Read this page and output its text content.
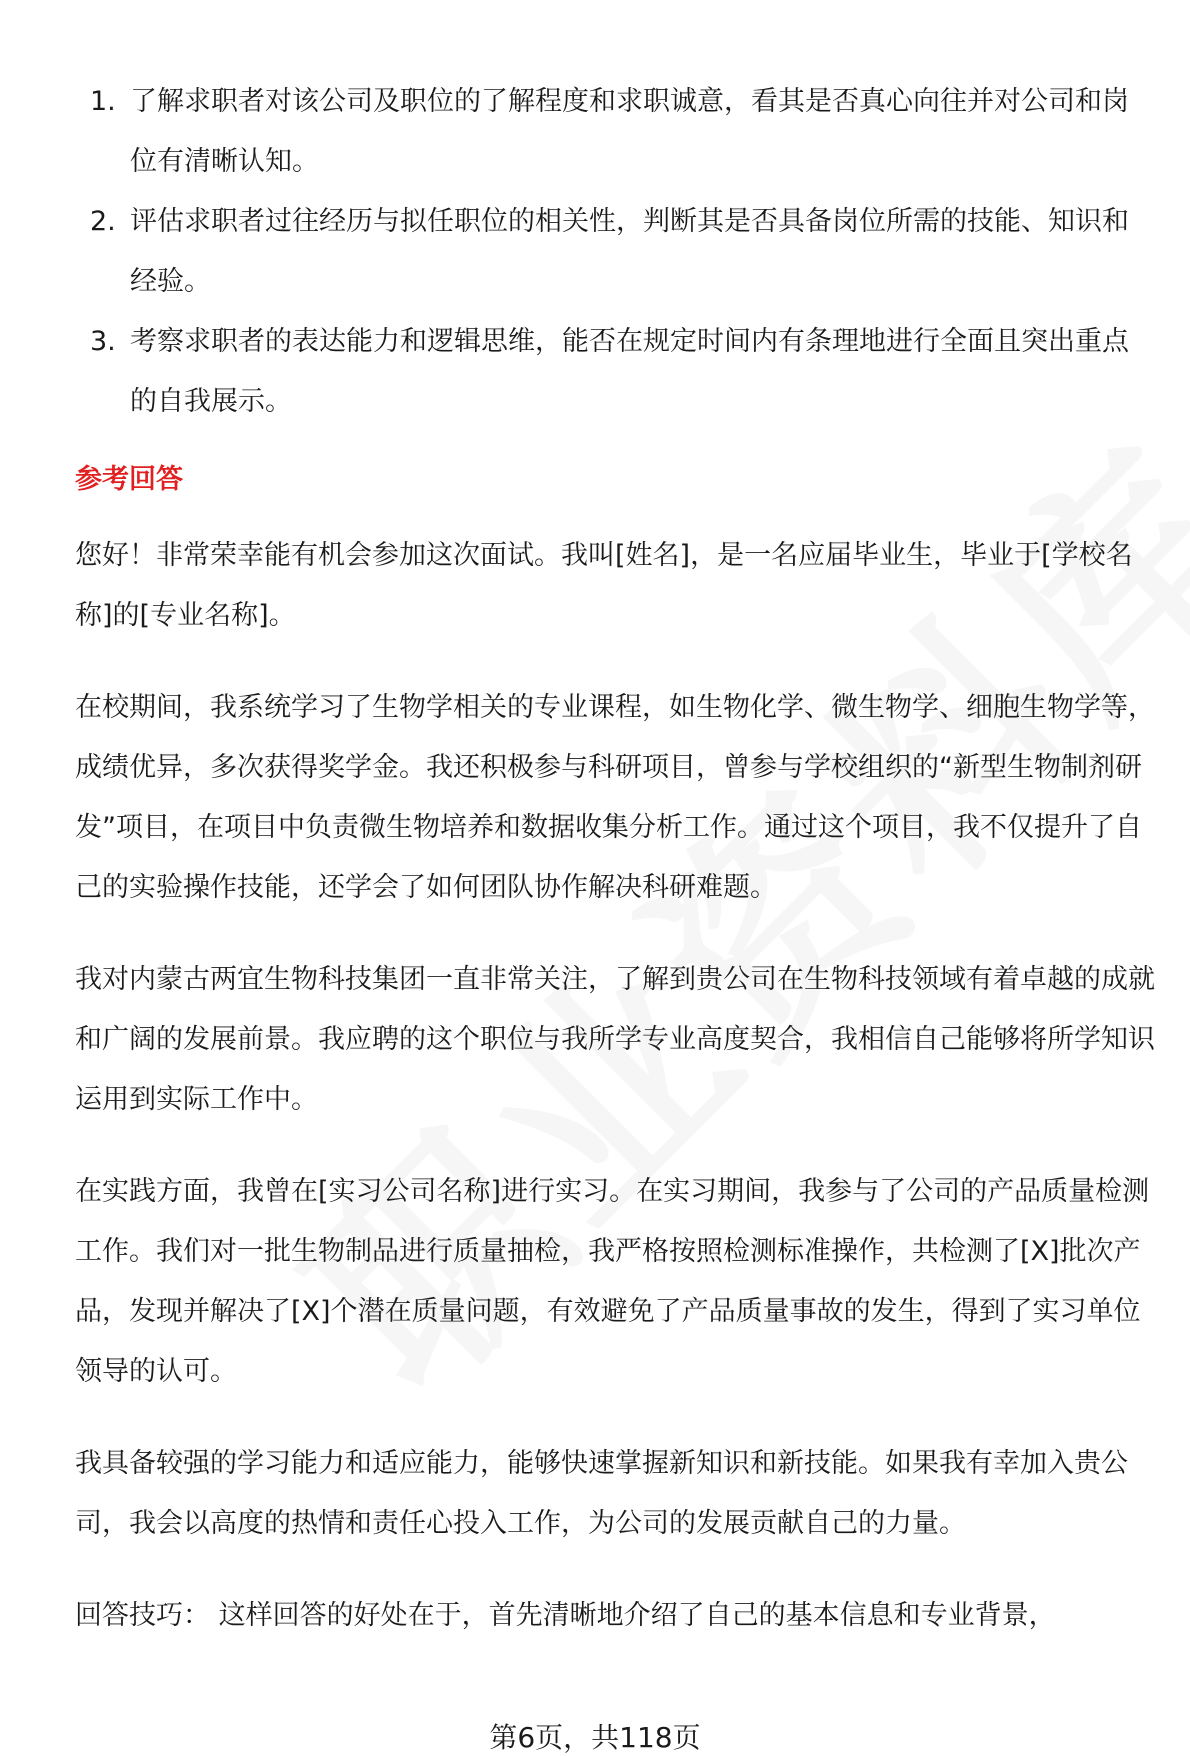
1. 了解求职者对该公司及职位的了解程度和求职诚意，看其是否真心向往并对公司和岗位有清晰认知。
2. 评估求职者过往经历与拟任职位的相关性，判断其是否具备岗位所需的技能、知识和经验。
3. 考察求职者的表达能力和逻辑思维，能否在规定时间内有条理地进行全面且突出重点的自我展示。
参考回答

您好！非常荣幸能有机会参加这次面试。我叫[姓名]，是一名应届毕业生，毕业于[学校名称]的[专业名称]。

在校期间，我系统学习了生物学相关的专业课程，如生物化学、微生物学、细胞生物学等，成绩优异，多次获得奖学金。我还积极参与科研项目，曾参与学校组织的“新型生物制剂研发”项目，在项目中负责微生物培养和数据收集分析工作。通过这个项目，我不仅提升了自己的实验操作技能，还学会了如何团队协作解决科研难题。

我对内蒙古两宜生物科技集团一直非常关注，了解到贵公司在生物科技领域有着卓越的成就和广阔的发展前景。我应聘的这个职位与我所学专业高度契合，我相信自己能够将所学知识运用到实际工作中。

在实践方面，我曾在[实习公司名称]进行实习。在实习期间，我参与了公司的产品质量检测工作。我们对一批生物制品进行质量抽检，我严格按照检测标准操作，共检测了[X]批次产品，发现并解决了[X]个潜在质量问题，有效避免了产品质量事故的发生，得到了实习单位领导的认可。

我具备较强的学习能力和适应能力，能够快速掌握新知识和新技能。如果我有幸加入贵公司，我会以高度的热情和责任心投入工作，为公司的发展贡献自己的力量。

回答技巧： 这样回答的好处在于，首先清晰地介绍了自己的基本信息和专业背景，

第6页，共118页
